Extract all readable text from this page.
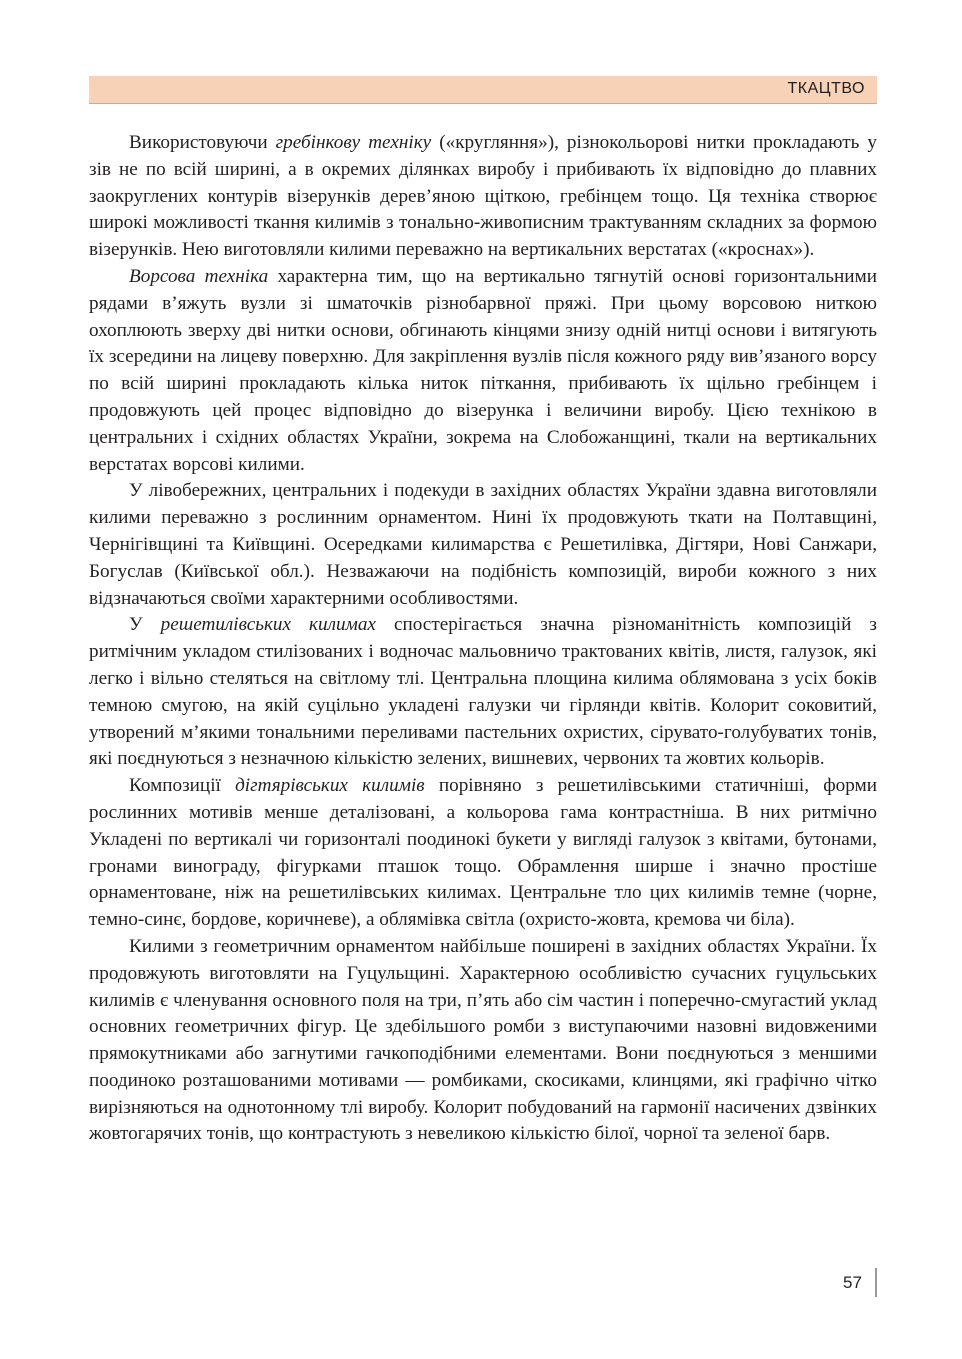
ТКАЦТВО

Використовуючи гребінкову техніку («кругляння»), різнокольорові нитки прокладають у зів не по всій ширині, а в окремих ділянках виробу і прибивають їх відповідно до плавних заокруглених контурів візерунків дерев’яною щіткою, гребінцем тощо. Ця техніка створює широкі можливості ткання килимів з тонально-живописним трактуванням складних за формою візерунків. Нею виготовляли килими переважно на вертикальних верстатах («кроснах»).

Ворсова техніка характерна тим, що на вертикально тягнутій основі горизонтальними рядами в’яжуть вузли зі шматочків різнобарвної пряжі. При цьому ворсовою ниткою охоплюють зверху дві нитки основи, обгинають кінцями знизу одній нитці основи і витягують їх зсередини на лицеву поверхню. Для закріплення вузлів після кожного ряду вив’язаного ворсу по всій ширині прокладають кілька ниток піткання, прибивають їх щільно гребінцем і продовжують цей процес відповідно до візерунка і величини виробу. Цією технікою в центральних і східних областях України, зокрема на Слобожанщині, ткали на вертикальних верстатах ворсові килими.

У лівобережних, центральних і подекуди в західних областях України здавна виготовляли килими переважно з рослинним орнаментом. Нині їх продовжують ткати на Полтавщині, Чернігівщині та Київщині. Осередками килимарства є Решетилівка, Дігтяри, Нові Санжари, Богуслав (Київської обл.). Незважаючи на подібність композицій, вироби кожного з них відзначаються своїми характерними особливостями.

У решетилівських килимах спостерігається значна різноманітність композицій з ритмічним укладом стилізованих і водночас мальовничо трактованих квітів, листя, галузок, які легко і вільно стеляться на світлому тлі. Центральна площина килима облямована з усіх боків темною смугою, на якій суцільно укладені галузки чи гірлянди квітів. Колорит соковитий, утворений м’якими тональними переливами пастельних охристих, сірувато-голубуватих тонів, які поєднуються з незначною кількістю зелених, вишневих, червоних та жовтих кольорів.

Композиції дігтярівських килимів порівняно з решетилівськими статичніші, форми рослинних мотивів менше деталізовані, а кольорова гама контрастніша. В них ритмічно Укладені по вертикалі чи горизонталі поодинокі букети у вигляді галузок з квітами, бутонами, гронами винограду, фігурками пташок тощо. Обрамлення ширше і значно простіше орнаментоване, ніж на решетилівських килимах. Центральне тло цих килимів темне (чорне, темно-синє, бордове, коричневе), а облямівка світла (охристо-жовта, кремова чи біла).

Килими з геометричним орнаментом найбільше поширені в західних областях України. Їх продовжують виготовляти на Гуцульщині. Характерною особливістю сучасних гуцульських килимів є членування основного поля на три, п’ять або сім частин і поперечно-смугастий уклад основних геометричних фігур. Це здебільшого ромби з виступаючими назовні видовженими прямокутниками або загнутими гачкоподібними елементами. Вони поєднуються з меншими поодиноко розташованими мотивами — ромбиками, скосиками, клинцями, які графічно чітко вирізняються на однотонному тлі виробу. Колорит побудований на гармонії насичених дзвінких жовтогарячих тонів, що контрастують з невеликою кількістю білої, чорної та зеленої барв.

57
